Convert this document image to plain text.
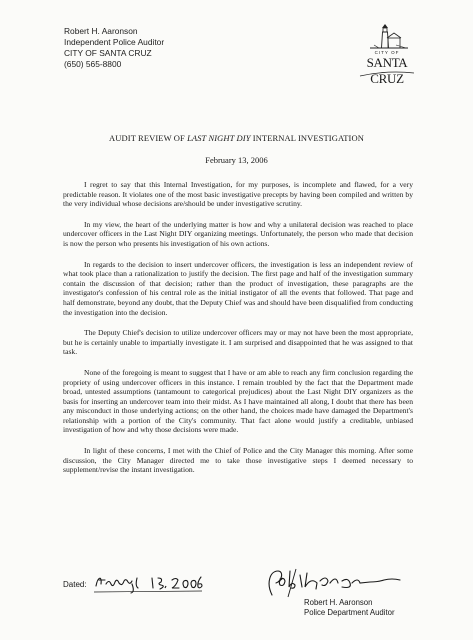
Robert H. Aaronson
Independent Police Auditor
CITY OF SANTA CRUZ
(650) 565-8800
CITY OF
SANTA CRUZ
AUDIT REVIEW OF LAST NIGHT DIY INTERNAL INVESTIGATION
February 13, 2006

I regret to say that this Internal Investigation, for my purposes, is incomplete and flawed, for a very predictable reason. It violates one of the most basic investigative precepts by having been compiled and written by the very individual whose decisions are/should be under investigative scrutiny.

In my view, the heart of the underlying matter is how and why a unilateral decision was reached to place undercover officers in the Last Night DIY organizing meetings. Unfortunately, the person who made that decision is now the person who presents his investigation of his own actions.

In regards to the decision to insert undercover officers, the investigation is less an independent review of what took place than a rationalization to justify the decision. The first page and half of the investigation summary contain the discussion of that decision; rather than the product of investigation, these paragraphs are the investigator's confession of his central role as the initial instigator of all the events that followed. That page and half demonstrate, beyond any doubt, that the Deputy Chief was and should have been disqualified from conducting the investigation into the decision.

The Deputy Chief's decision to utilize undercover officers may or may not have been the most appropriate, but he is certainly unable to impartially investigate it. I am surprised and disappointed that he was assigned to that task.

None of the foregoing is meant to suggest that I have or am able to reach any firm conclusion regarding the propriety of using undercover officers in this instance. I remain troubled by the fact that the Department made broad, untested assumptions (tantamount to categorical prejudices) about the Last Night DIY organizers as the basis for inserting an undercover team into their midst. As I have maintained all along, I doubt that there has been any misconduct in those underlying actions; on the other hand, the choices made have damaged the Department's relationship with a portion of the City's community. That fact alone would justify a creditable, unbiased investigation of how and why those decisions were made.

In light of these concerns, I met with the Chief of Police and the City Manager this morning. After some discussion, the City Manager directed me to take those investigative steps I deemed necessary to supplement/revise the instant investigation.

Dated:
Robert H. Aaronson
Police Department Auditor
